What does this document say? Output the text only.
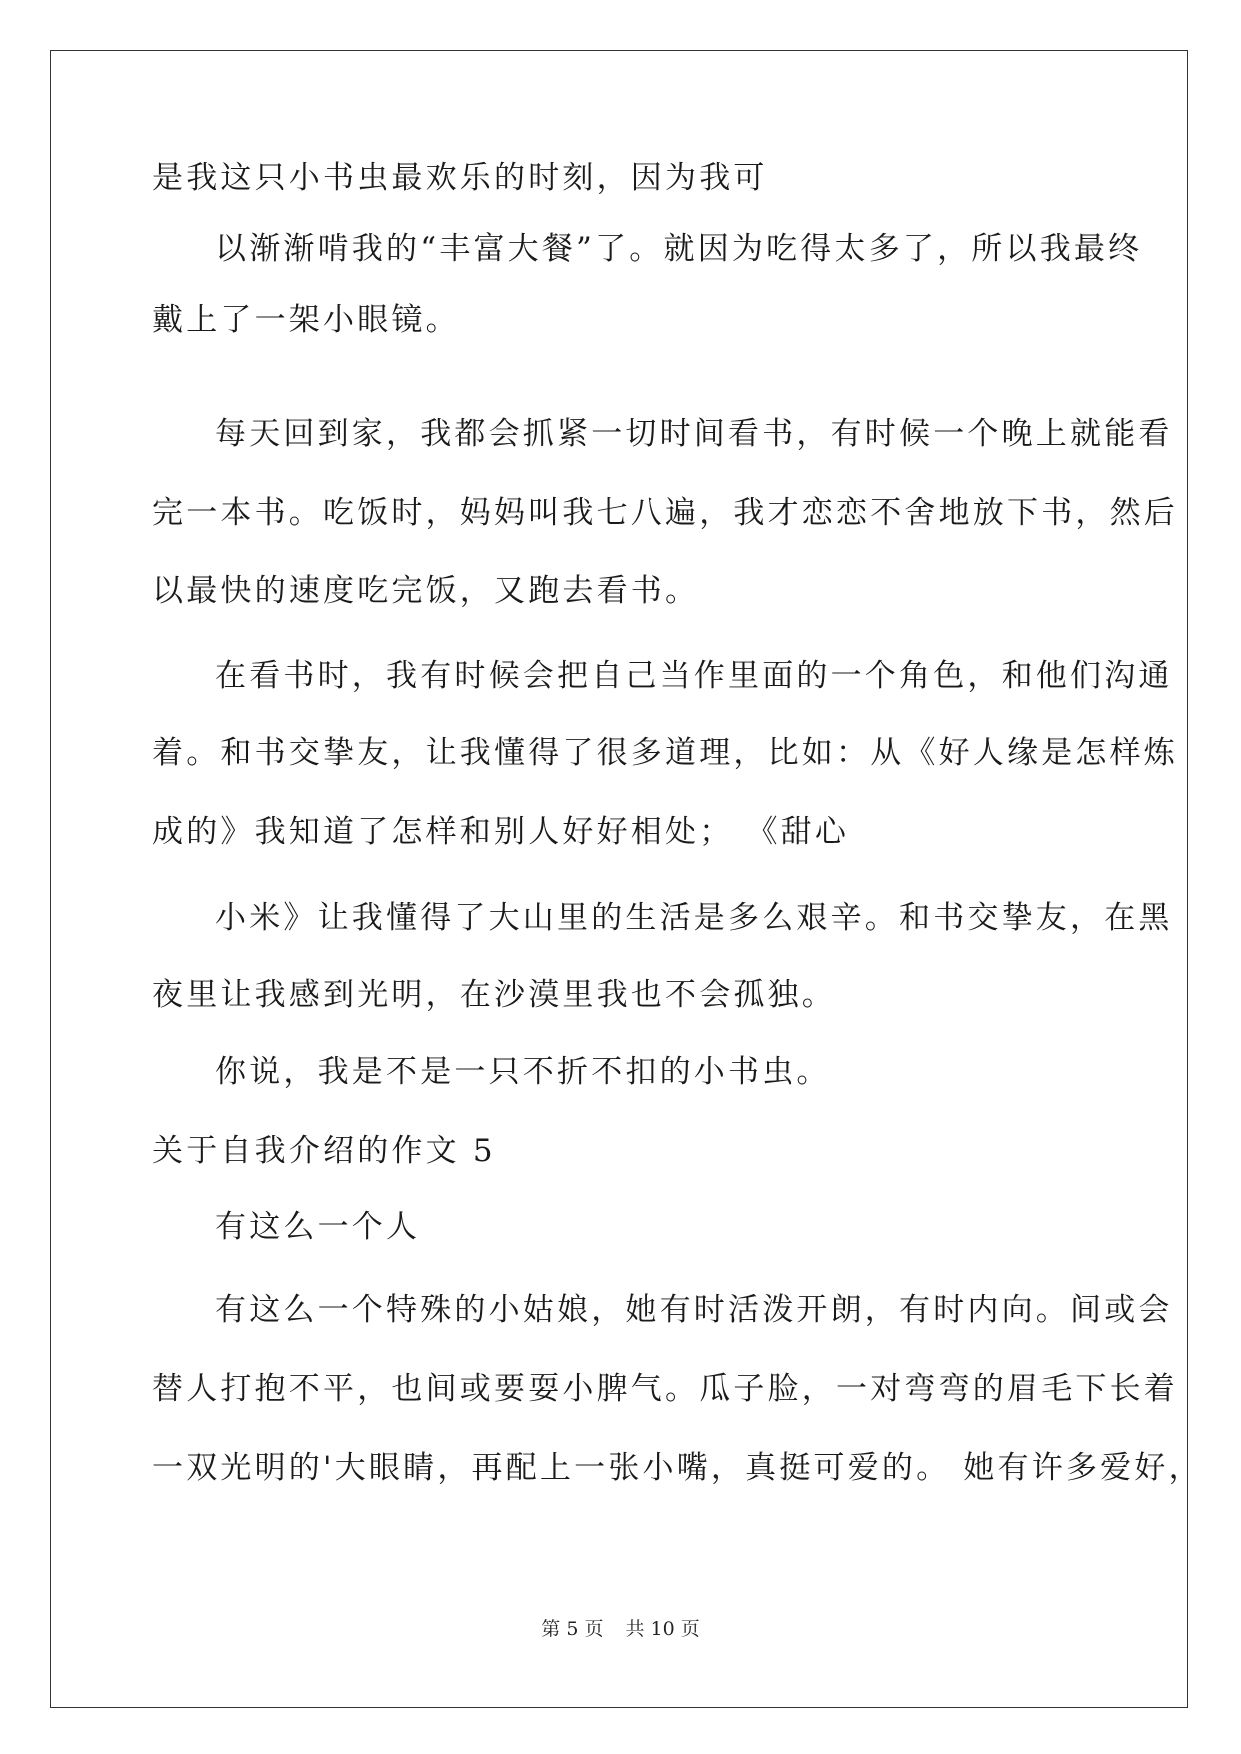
是我这只小书虫最欢乐的时刻，因为我可
以渐渐啃我的“丰富大餐”了。就因为吃得太多了，所以我最终
戴上了一架小眼镜。
每天回到家，我都会抓紧一切时间看书，有时候一个晚上就能看
完一本书。吃饭时，妈妈叫我七八遍，我才恋恋不舍地放下书，然后
以最快的速度吃完饭，又跑去看书。
在看书时，我有时候会把自己当作里面的一个角色，和他们沟通
着。和书交挚友，让我懂得了很多道理，比如：从《好人缘是怎样炼
成的》我知道了怎样和别人好好相处； 《甜心
小米》让我懂得了大山里的生活是多么艰辛。和书交挚友，在黑
夜里让我感到光明，在沙漠里我也不会孤独。
你说，我是不是一只不折不扣的小书虫。
关于自我介绍的作文 5
有这么一个人
有这么一个特殊的小姑娘，她有时活泼开朗，有时内向。间或会
替人打抱不平，也间或要耍小脾气。瓜子脸，一对弯弯的眉毛下长着
一双光明的'大眼睛，再配上一张小嘴，真挺可爱的。 她有许多爱好，
第 5 页 共 10 页
